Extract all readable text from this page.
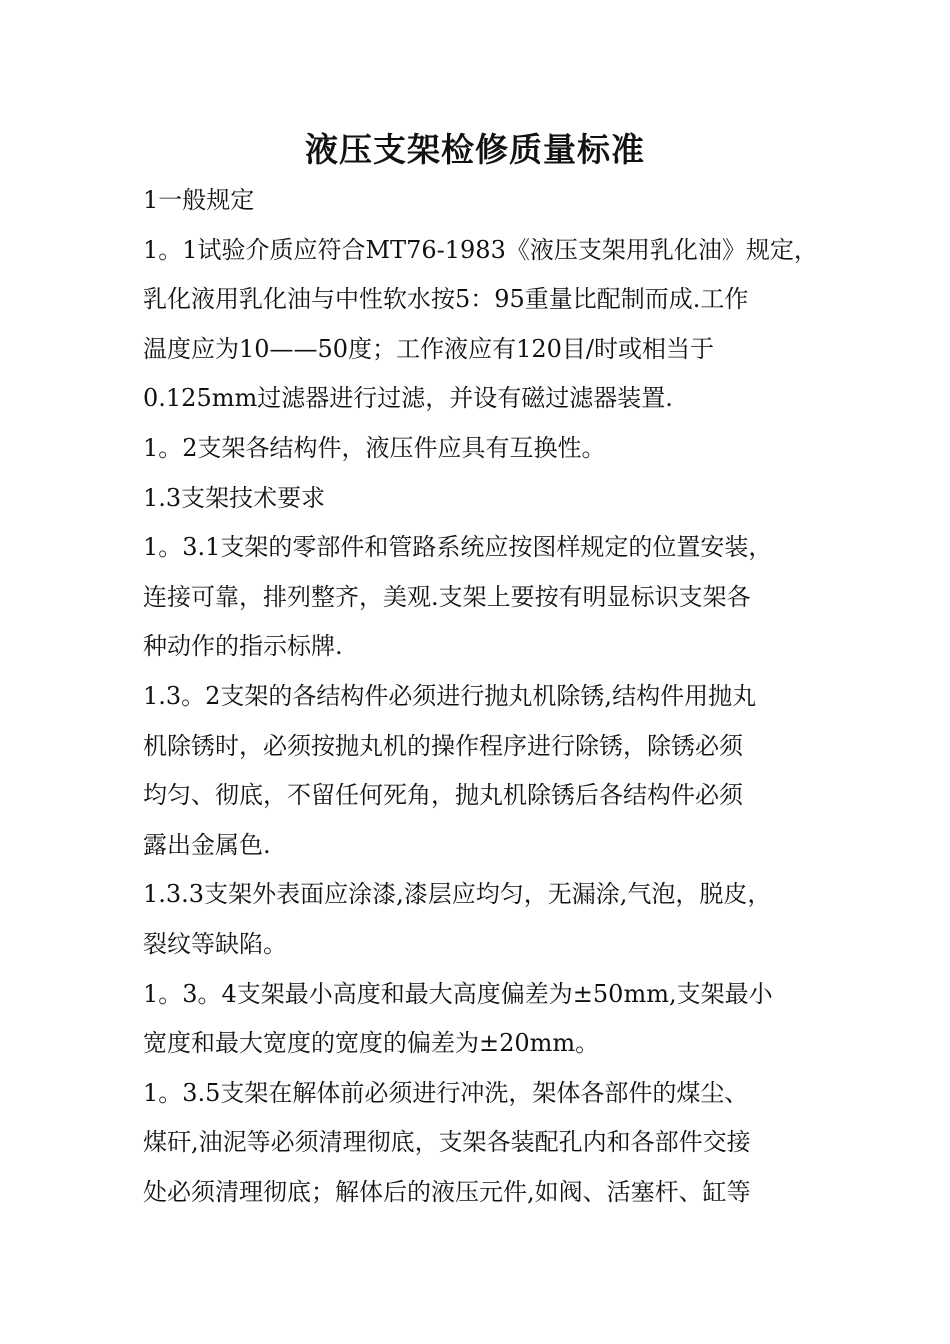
液压支架检修质量标准
1一般规定
1。1试验介质应符合MT76-1983《液压支架用乳化油》规定，
乳化液用乳化油与中性软水按5：95重量比配制而成.工作
温度应为10——50度；工作液应有120目/时或相当于
0.125mm过滤器进行过滤，并设有磁过滤器装置.
1。2支架各结构件，液压件应具有互换性。
1.3支架技术要求
1。3.1支架的零部件和管路系统应按图样规定的位置安装，
连接可靠，排列整齐，美观.支架上要按有明显标识支架各
种动作的指示标牌.
1.3。2支架的各结构件必须进行抛丸机除锈,结构件用抛丸
机除锈时，必须按抛丸机的操作程序进行除锈，除锈必须
均匀、彻底，不留任何死角，抛丸机除锈后各结构件必须
露出金属色.
1.3.3支架外表面应涂漆,漆层应均匀，无漏涂,气泡，脱皮，
裂纹等缺陷。
1。3。4支架最小高度和最大高度偏差为±50mm,支架最小
宽度和最大宽度的宽度的偏差为±20mm。
1。3.5支架在解体前必须进行冲洗，架体各部件的煤尘、
煤矸,油泥等必须清理彻底，支架各装配孔内和各部件交接
处必须清理彻底；解体后的液压元件,如阀、活塞杆、缸等
